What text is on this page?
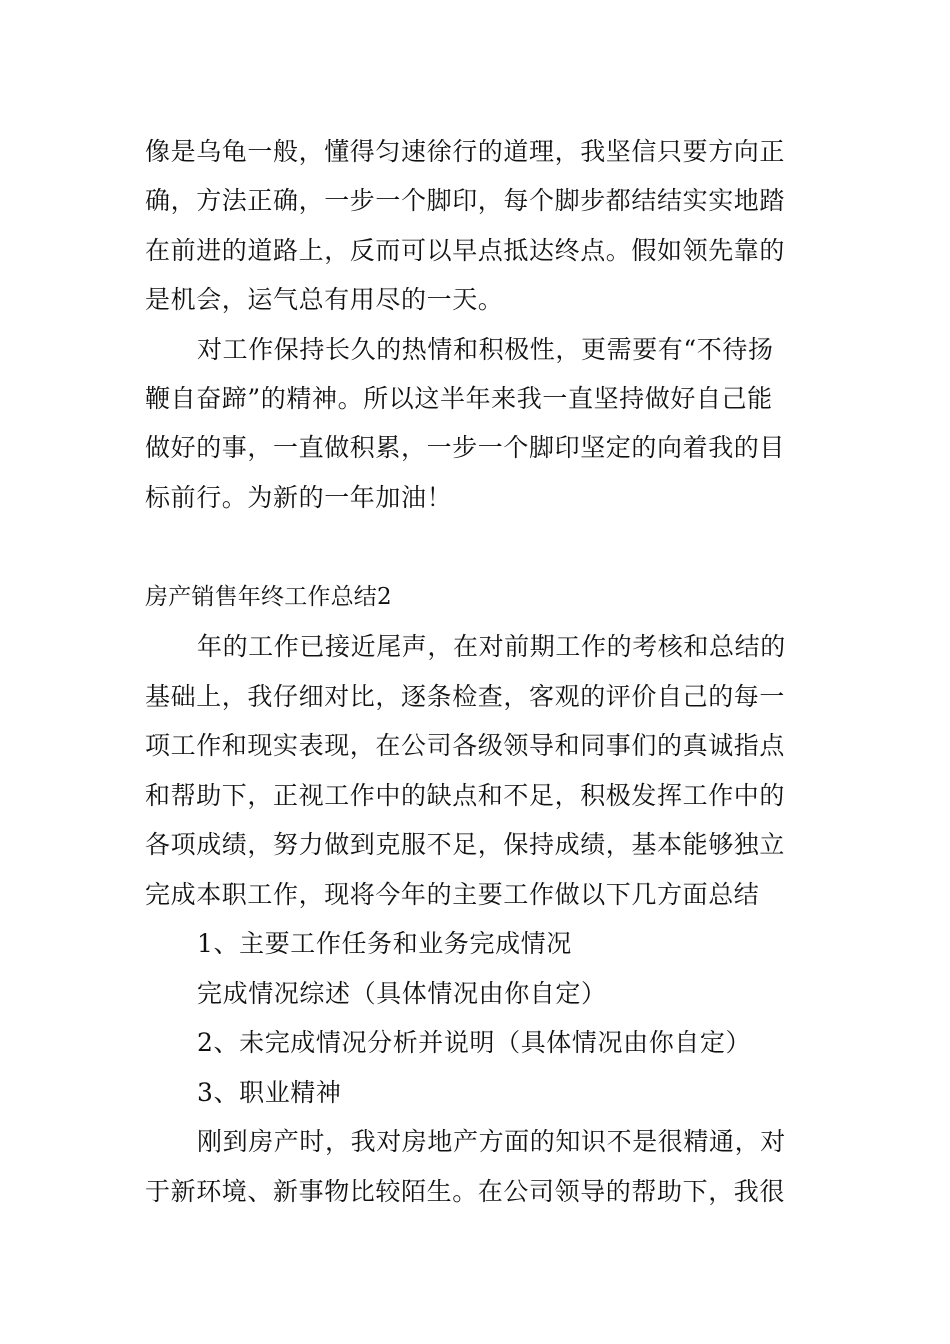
像是乌龟一般，懂得匀速徐行的道理，我坚信只要方向正
确，方法正确，一步一个脚印，每个脚步都结结实实地踏
在前进的道路上，反而可以早点抵达终点。假如领先靠的
是机会，运气总有用尽的一天。
对工作保持长久的热情和积极性，更需要有“不待扬
鞭自奋蹄”的精神。所以这半年来我一直坚持做好自己能
做好的事，一直做积累，一步一个脚印坚定的向着我的目
标前行。为新的一年加油！
房产销售年终工作总结2
年的工作已接近尾声，在对前期工作的考核和总结的
基础上，我仔细对比，逐条检查，客观的评价自己的每一
项工作和现实表现，在公司各级领导和同事们的真诚指点
和帮助下，正视工作中的缺点和不足，积极发挥工作中的
各项成绩，努力做到克服不足，保持成绩，基本能够独立
完成本职工作，现将今年的主要工作做以下几方面总结
1、主要工作任务和业务完成情况
完成情况综述（具体情况由你自定）
2、未完成情况分析并说明（具体情况由你自定）
3、职业精神
刚到房产时，我对房地产方面的知识不是很精通，对
于新环境、新事物比较陌生。在公司领导的帮助下，我很
